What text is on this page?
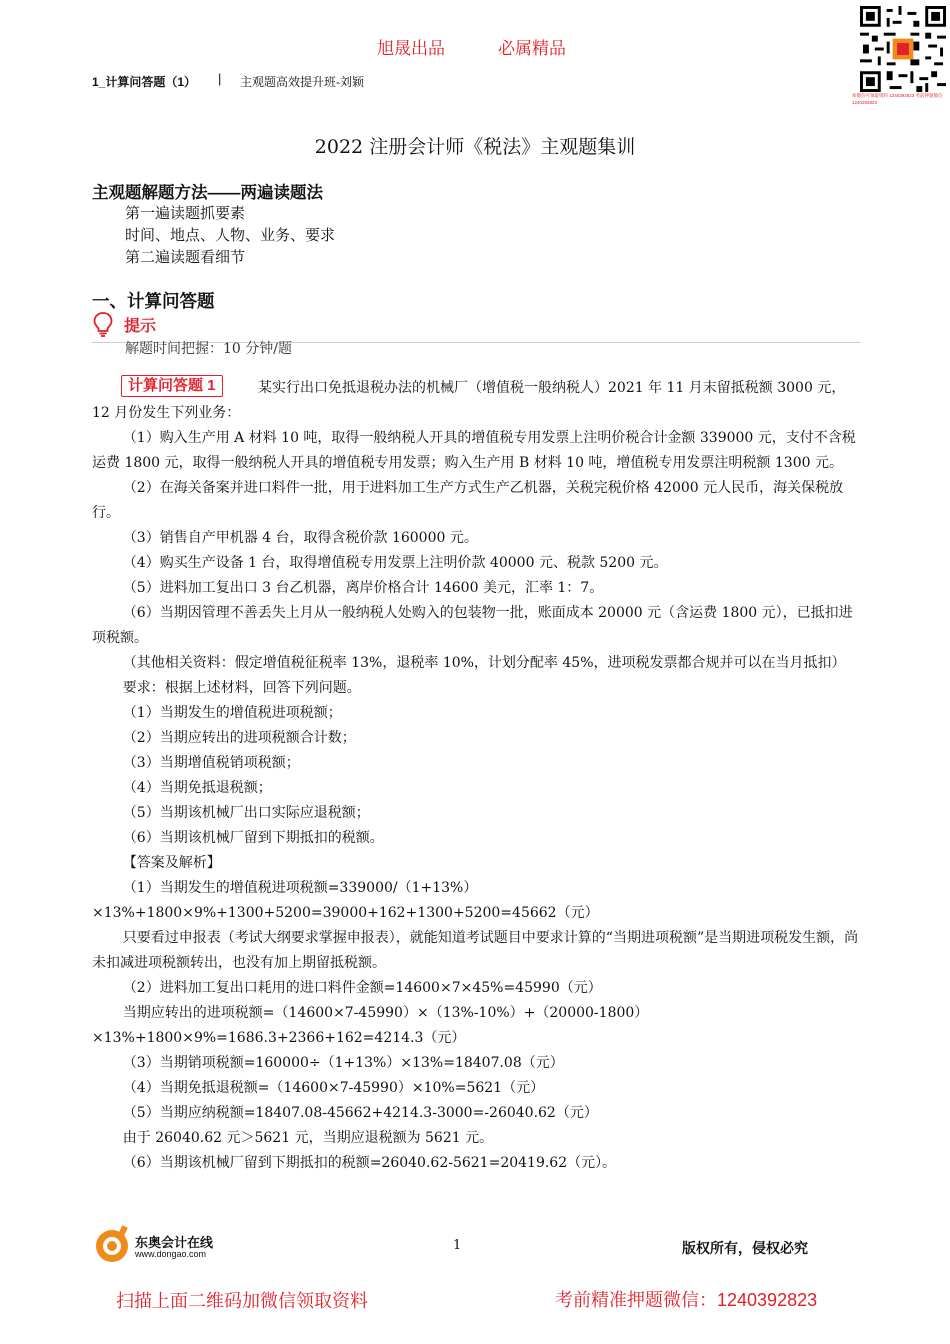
旭晟出品	必属精品
1_计算问答题（1） | 主观题高效提升班-刘颖
加微信可领取资料 1240392823 考前押题微信 1240392823
2022 注册会计师《税法》主观题集训
主观题解题方法——两遍读题法
第一遍读题抓要素
时间、地点、人物、业务、要求
第二遍读题看细节
一、计算问答题
提示
解题时间把握：10 分钟/题

某实行出口免抵退税办法的机械厂（增值税一般纳税人）2021 年 11 月末留抵税额 3000 元，12 月份发生下列业务：

（1）购入生产用 A 材料 10 吨，取得一般纳税人开具的增值税专用发票上注明价税合计金额 339000 元，支付不含税运费 1800 元，取得一般纳税人开具的增值税专用发票；购入生产用 B 材料 10 吨，增值税专用发票注明税额 1300 元。

（2）在海关备案并进口料件一批，用于进料加工生产方式生产乙机器，关税完税价格 42000 元人民币，海关保税放行。

（3）销售自产甲机器 4 台，取得含税价款 160000 元。

（4）购买生产设备 1 台，取得增值税专用发票上注明价款 40000 元、税款 5200 元。

（5）进料加工复出口 3 台乙机器，离岸价格合计 14600 美元，汇率 1：7。

（6）当期因管理不善丢失上月从一般纳税人处购入的包装物一批，账面成本 20000 元（含运费 1800 元），已抵扣进项税额。

（其他相关资料：假定增值税征税率 13%，退税率 10%，计划分配率 45%，进项税发票都合规并可以在当月抵扣）

要求：根据上述材料，回答下列问题。

（1）当期发生的增值税进项税额；

（2）当期应转出的进项税额合计数；

（3）当期增值税销项税额；

（4）当期免抵退税额；

（5）当期该机械厂出口实际应退税额；

（6）当期该机械厂留到下期抵扣的税额。

【答案及解析】

（1）当期发生的增值税进项税额=339000/（1+13%）×13%+1800×9%+1300+5200=39000+162+1300+5200=45662（元）

只要看过申报表（考试大纲要求掌握申报表），就能知道考试题目中要求计算的“当期进项税额”是当期进项税发生额，尚未扣减进项税额转出，也没有加上期留抵税额。

（2）进料加工复出口耗用的进口料件金额=14600×7×45%=45990（元）

当期应转出的进项税额=（14600×7-45990）×（13%-10%）+（20000-1800）×13%+1800×9%=1686.3+2366+162=4214.3（元）

（3）当期销项税额=160000÷（1+13%）×13%=18407.08（元）

（4）当期免抵退税额=（14600×7-45990）×10%=5621（元）

（5）当期应纳税额=18407.08-45662+4214.3-3000=-26040.62（元）

由于 26040.62 元＞5621 元，当期应退税额为 5621 元。

（6）当期该机械厂留到下期抵扣的税额=26040.62-5621=20419.62（元）。

计算问答题 1
东奥会计在线
www.dongao.com
1	版权所有，侵权必究
扫描上面二维码加微信领取资料	考前精准押题微信：1240392823
